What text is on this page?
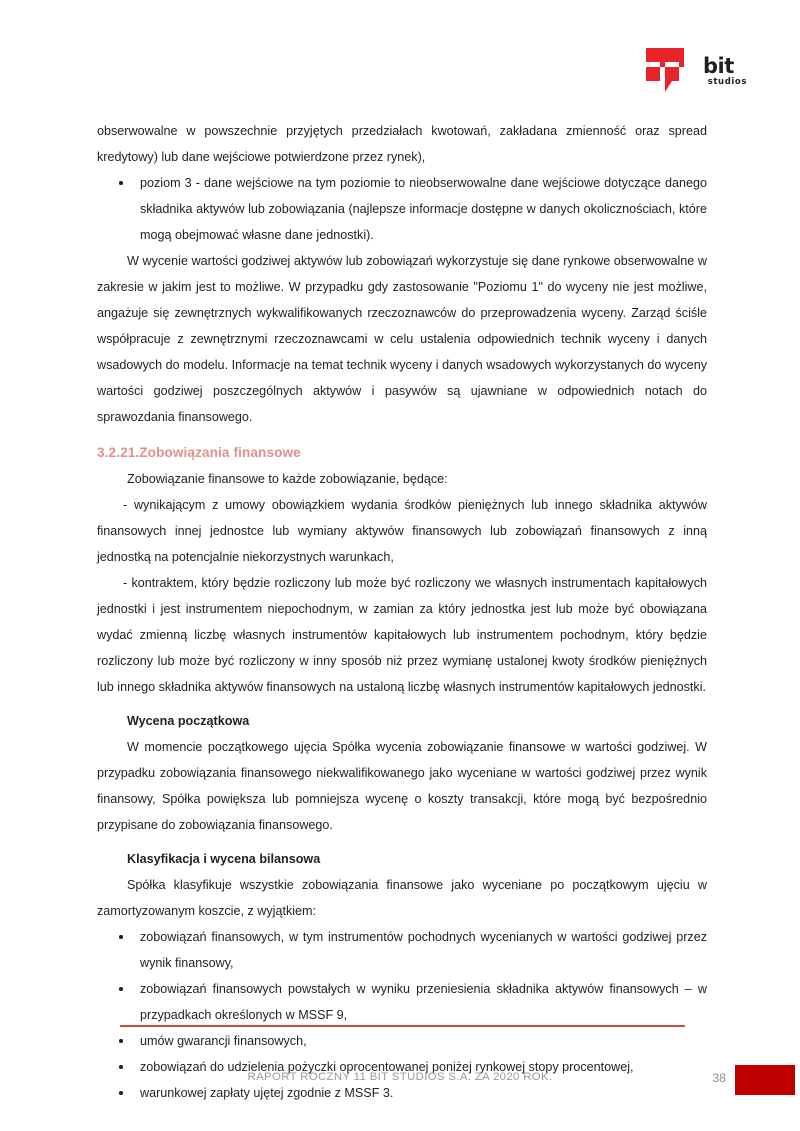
bit
studios

obserwowalne w powszechnie przyjętych przedziałach kwotowań, zakładana zmienność oraz spread kredytowy) lub dane wejściowe potwierdzone przez rynek),

poziom 3 - dane wejściowe na tym poziomie to nieobserwowalne dane wejściowe dotyczące danego składnika aktywów lub zobowiązania (najlepsze informacje dostępne w danych okolicznościach, które mogą obejmować własne dane jednostki).

W wycenie wartości godziwej aktywów lub zobowiązań wykorzystuje się dane rynkowe obserwowalne w zakresie w jakim jest to możliwe. W przypadku gdy zastosowanie "Poziomu 1" do wyceny nie jest możliwe, angażuje się zewnętrznych wykwalifikowanych rzeczoznawców do przeprowadzenia wyceny. Zarząd ściśle współpracuje z zewnętrznymi rzeczoznawcami w celu ustalenia odpowiednich technik wyceny i danych wsadowych do modelu. Informacje na temat technik wyceny i danych wsadowych wykorzystanych do wyceny wartości godziwej poszczególnych aktywów i pasywów są ujawniane w odpowiednich notach do sprawozdania finansowego.

3.2.21.Zobowiązania finansowe

Zobowiązanie finansowe to każde zobowiązanie, będące:

- wynikającym z umowy obowiązkiem wydania środków pieniężnych lub innego składnika aktywów finansowych innej jednostce lub wymiany aktywów finansowych lub zobowiązań finansowych z inną jednostką na potencjalnie niekorzystnych warunkach,

- kontraktem, który będzie rozliczony lub może być rozliczony we własnych instrumentach kapitałowych jednostki i jest instrumentem niepochodnym, w zamian za który jednostka jest lub może być obowiązana wydać zmienną liczbę własnych instrumentów kapitałowych lub instrumentem pochodnym, który będzie rozliczony lub może być rozliczony w inny sposób niż przez wymianę ustalonej kwoty środków pieniężnych lub innego składnika aktywów finansowych na ustaloną liczbę własnych instrumentów kapitałowych jednostki.

Wycena początkowa

W momencie początkowego ujęcia Spółka wycenia zobowiązanie finansowe w wartości godziwej. W przypadku zobowiązania finansowego niekwalifikowanego jako wyceniane w wartości godziwej przez wynik finansowy, Spółka powiększa lub pomniejsza wycenę o koszty transakcji, które mogą być bezpośrednio przypisane do zobowiązania finansowego.

Klasyfikacja i wycena bilansowa

Spółka klasyfikuje wszystkie zobowiązania finansowe jako wyceniane po początkowym ujęciu w zamortyzowanym koszcie, z wyjątkiem:

zobowiązań finansowych, w tym instrumentów pochodnych wycenianych w wartości godziwej przez wynik finansowy,
zobowiązań finansowych powstałych w wyniku przeniesienia składnika aktywów finansowych – w przypadkach określonych w MSSF 9,
umów gwarancji finansowych,
zobowiązań do udzielenia pożyczki oprocentowanej poniżej rynkowej stopy procentowej,
warunkowej zapłaty ujętej zgodnie z MSSF 3.
RAPORT ROCZNY 11 BIT STUDIOS S.A. ZA 2020 ROK.	38
